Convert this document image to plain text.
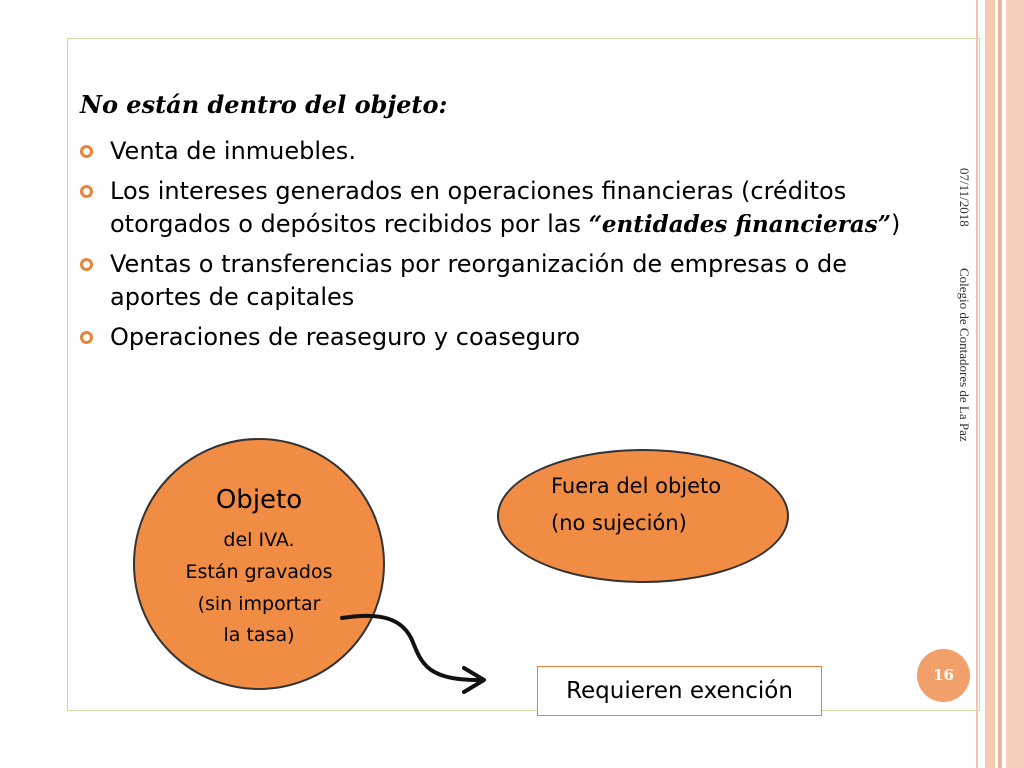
No están dentro del objeto:
Venta de inmuebles.
Los intereses generados en operaciones financieras (créditos otorgados o depósitos recibidos por las “entidades financieras”)
Ventas o transferencias por reorganización de empresas o de aportes de capitales
Operaciones de reaseguro y coaseguro
07/11/2018
Colegio de Contadores de La Paz
Objeto
del IVA.
Están gravados
(sin importar
la tasa)
Fuera del objeto
(no sujeción)
Requieren exención
16
